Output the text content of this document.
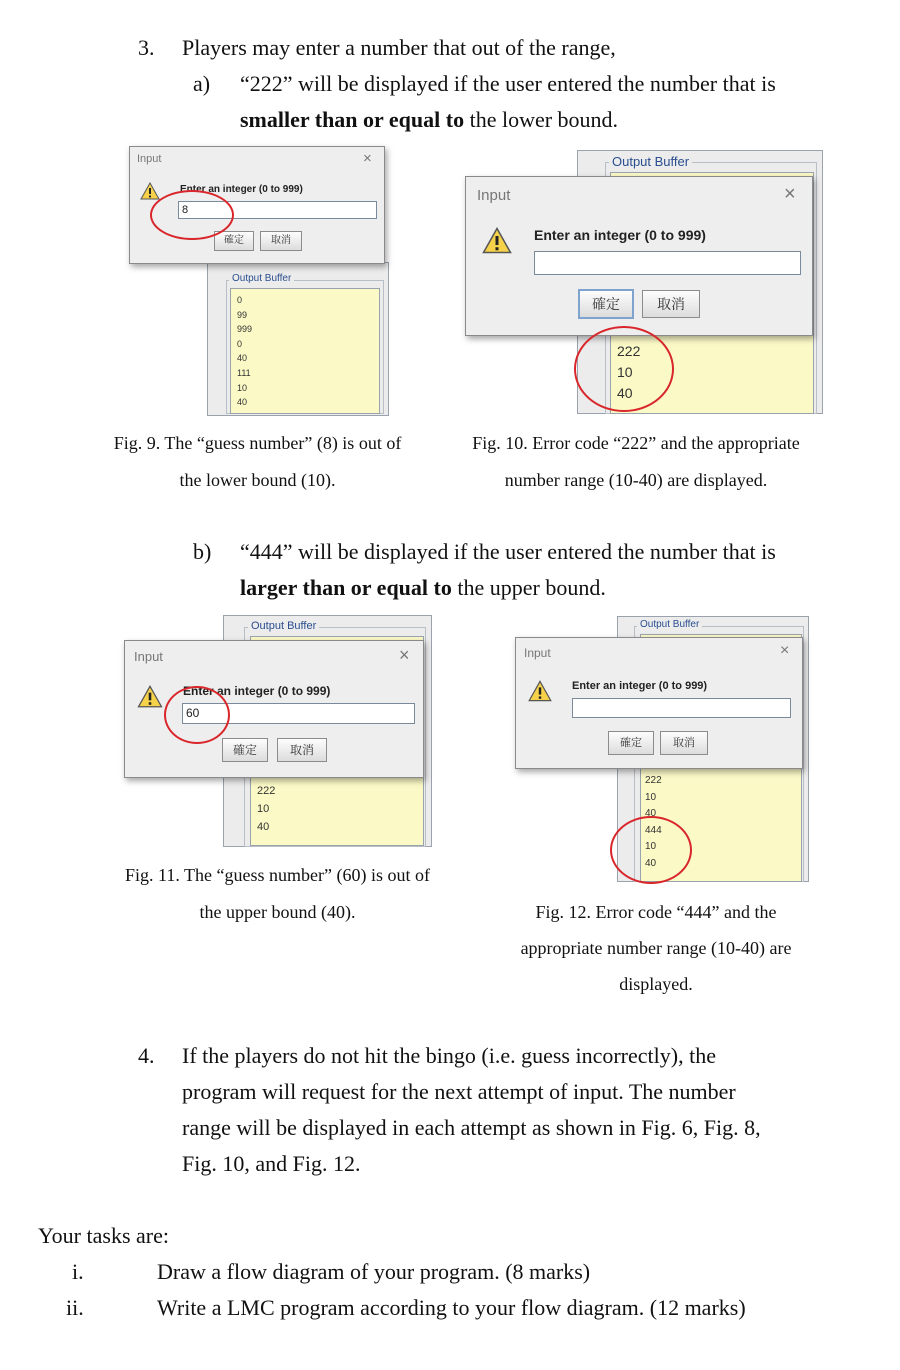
3. Players may enter a number that out of the range,
a) “222” will be displayed if the user entered the number that is
smaller than or equal to the lower bound.
Output Buffer
0
99
999
0
40
111
10
40
Input	×
Enter an integer (0 to 999)
8
確定	取消
Output Buffer
222
10
40
Input	×
Enter an integer (0 to 999)
確定	取消
Fig. 9. The “guess number” (8) is out of
the lower bound (10).
Fig. 10. Error code “222” and the appropriate
number range (10-40) are displayed.
b) “444” will be displayed if the user entered the number that is
larger than or equal to the upper bound.
Output Buffer
222
10
40
Input	×
Enter an integer (0 to 999)
60
確定	取消
Output Buffer
222
10
40
444
10
40
Input	×
Enter an integer (0 to 999)
確定	取消
Fig. 11. The “guess number” (60) is out of
the upper bound (40).	Fig. 12. Error code “444” and the
appropriate number range (10-40) are
displayed.
4. If the players do not hit the bingo (i.e. guess incorrectly), the
program will request for the next attempt of input. The number
range will be displayed in each attempt as shown in Fig. 6, Fig. 8,
Fig. 10, and Fig. 12.
Your tasks are:
i.	Draw a flow diagram of your program. (8 marks)
ii.	Write a LMC program according to your flow diagram. (12 marks)
